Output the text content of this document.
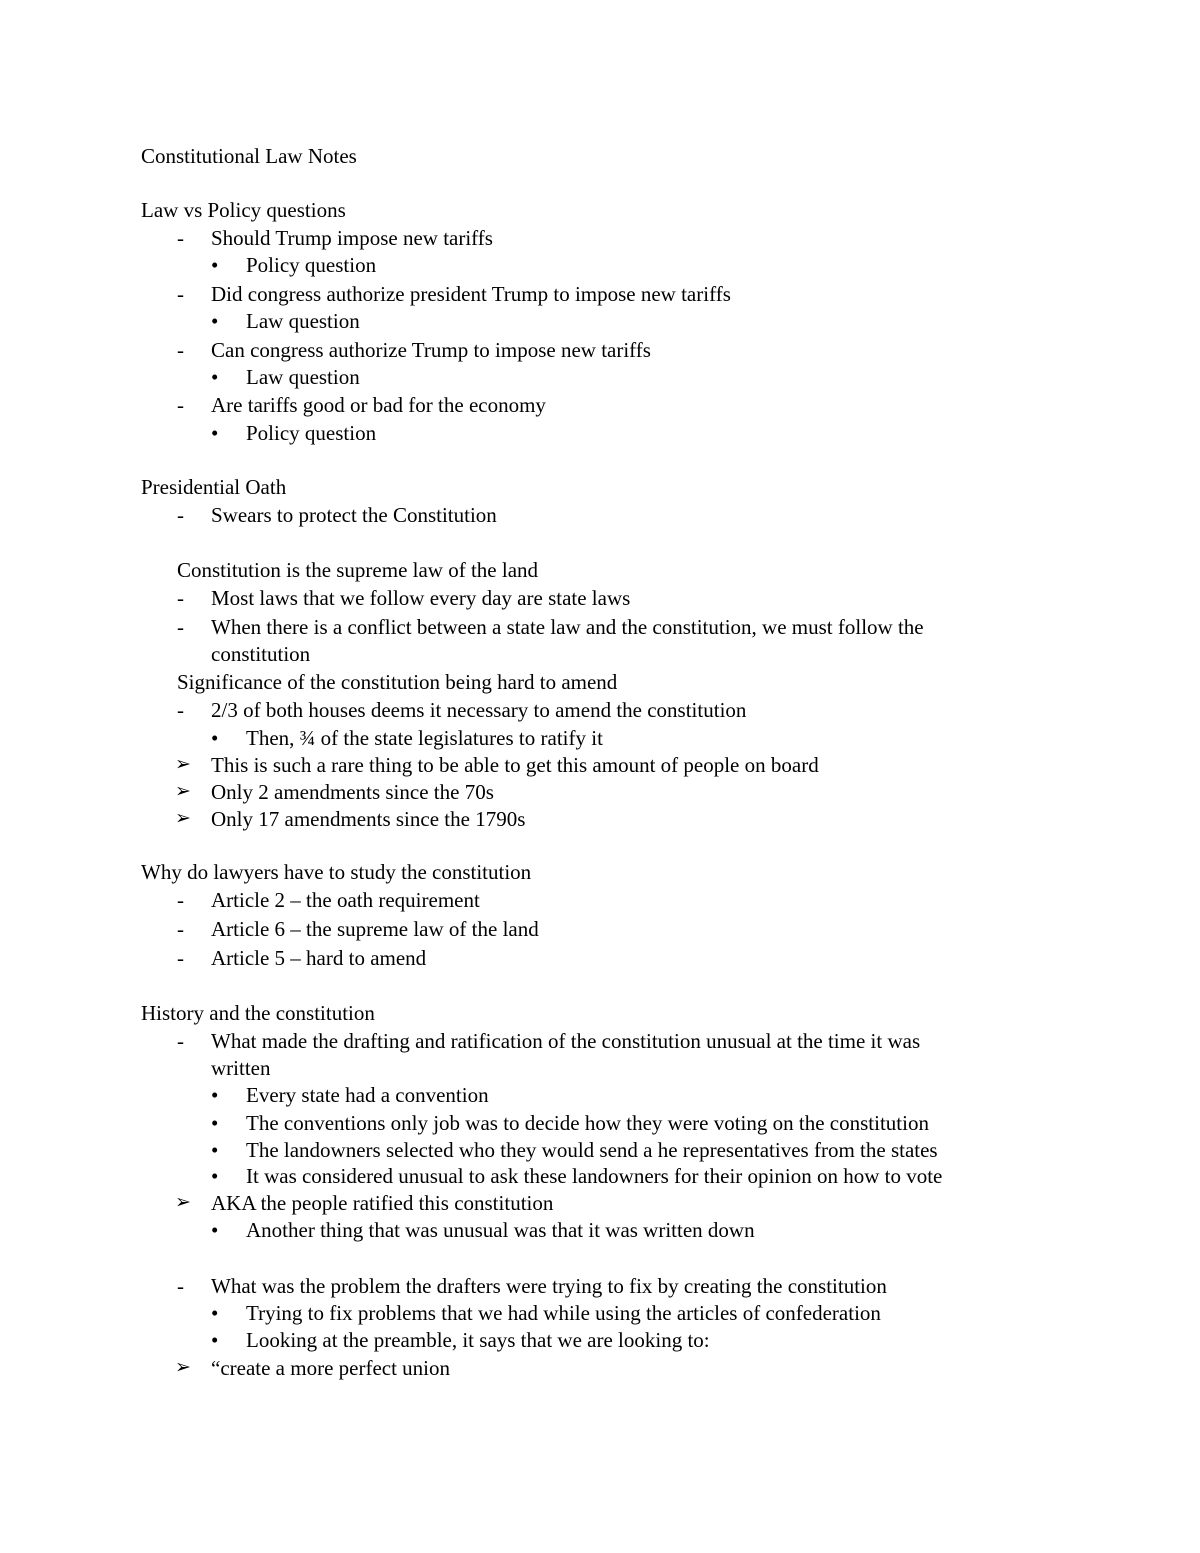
Constitutional Law Notes
Law vs Policy questions
- Should Trump impose new tariffs
• Policy question
- Did congress authorize president Trump to impose new tariffs
• Law question
- Can congress authorize Trump to impose new tariffs
• Law question
- Are tariffs good or bad for the economy
• Policy question
Presidential Oath
- Swears to protect the Constitution
Constitution is the supreme law of the land
- Most laws that we follow every day are state laws
- When there is a conflict between a state law and the constitution, we must follow the
constitution
Significance of the constitution being hard to amend
- 2/3 of both houses deems it necessary to amend the constitution
• Then, ¾ of the state legislatures to ratify it
➢ This is such a rare thing to be able to get this amount of people on board
➢ Only 2 amendments since the 70s
➢ Only 17 amendments since the 1790s
Why do lawyers have to study the constitution
- Article 2 – the oath requirement
- Article 6 – the supreme law of the land
- Article 5 – hard to amend
History and the constitution
- What made the drafting and ratification of the constitution unusual at the time it was
written
• Every state had a convention
• The conventions only job was to decide how they were voting on the constitution
• The landowners selected who they would send a he representatives from the states
• It was considered unusual to ask these landowners for their opinion on how to vote
➢ AKA the people ratified this constitution
• Another thing that was unusual was that it was written down
- What was the problem the drafters were trying to fix by creating the constitution
• Trying to fix problems that we had while using the articles of confederation
• Looking at the preamble, it says that we are looking to:
➢ “create a more perfect union
